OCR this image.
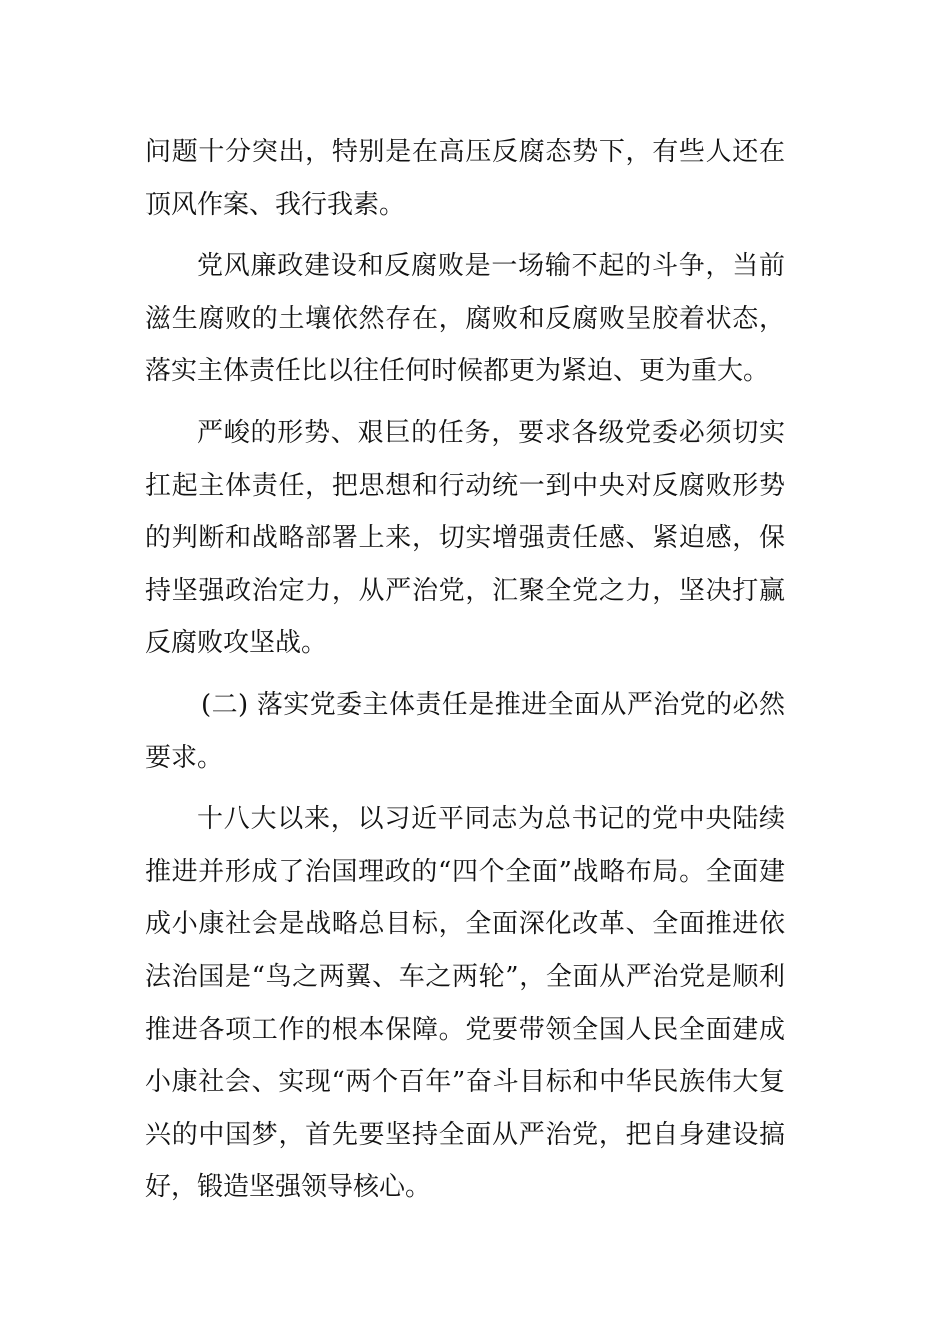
问题十分突出，特别是在高压反腐态势下，有些人还在顶风作案、我行我素。

党风廉政建设和反腐败是一场输不起的斗争，当前滋生腐败的土壤依然存在，腐败和反腐败呈胶着状态，落实主体责任比以往任何时候都更为紧迫、更为重大。

严峻的形势、艰巨的任务，要求各级党委必须切实扛起主体责任，把思想和行动统一到中央对反腐败形势的判断和战略部署上来，切实增强责任感、紧迫感，保持坚强政治定力，从严治党，汇聚全党之力，坚决打赢反腐败攻坚战。

(二) 落实党委主体责任是推进全面从严治党的必然要求。

十八大以来，以习近平同志为总书记的党中央陆续推进并形成了治国理政的“四个全面”战略布局。全面建成小康社会是战略总目标，全面深化改革、全面推进依法治国是“鸟之两翼、车之两轮”，全面从严治党是顺利推进各项工作的根本保障。党要带领全国人民全面建成小康社会、实现“两个百年”奋斗目标和中华民族伟大复兴的中国梦，首先要坚持全面从严治党，把自身建设搞好，锻造坚强领导核心。
